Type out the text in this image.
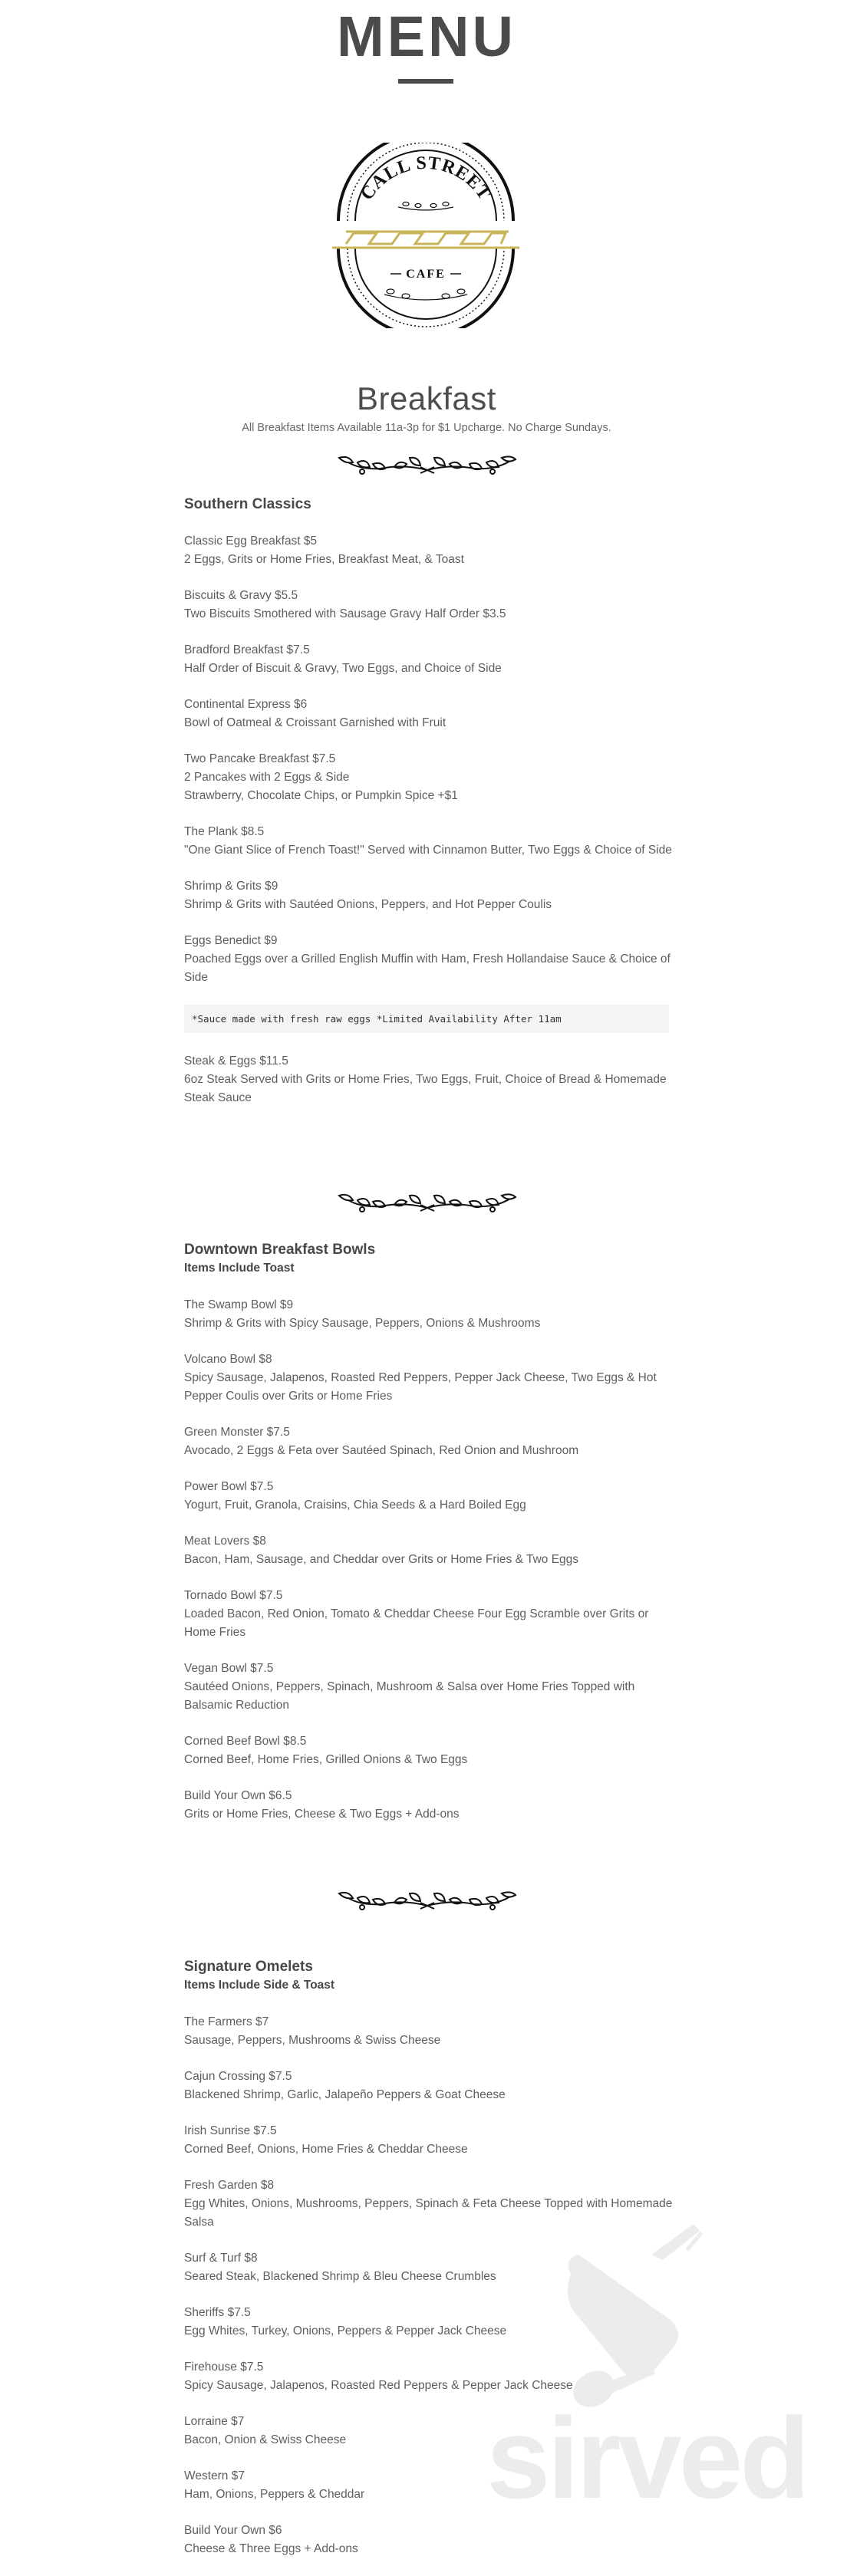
MENU
CALL STREET
CAFE
Breakfast
All Breakfast Items Available 11a-3p for $1 Upcharge. No Charge Sundays.
Southern Classics
Classic Egg Breakfast $5
2 Eggs, Grits or Home Fries, Breakfast Meat, & Toast
Biscuits & Gravy $5.5
Two Biscuits Smothered with Sausage Gravy Half Order $3.5
Bradford Breakfast $7.5
Half Order of Biscuit & Gravy, Two Eggs, and Choice of Side
Continental Express $6
Bowl of Oatmeal & Croissant Garnished with Fruit
Two Pancake Breakfast $7.5
2 Pancakes with 2 Eggs & Side
Strawberry, Chocolate Chips, or Pumpkin Spice +$1
The Plank $8.5
"One Giant Slice of French Toast!" Served with Cinnamon Butter, Two Eggs & Choice of Side
Shrimp & Grits $9
Shrimp & Grits with Sautéed Onions, Peppers, and Hot Pepper Coulis
Eggs Benedict $9
Poached Eggs over a Grilled English Muffin with Ham, Fresh Hollandaise Sauce & Choice of Side
*Sauce made with fresh raw eggs *Limited Availability After 11am
Steak & Eggs $11.5
6oz Steak Served with Grits or Home Fries, Two Eggs, Fruit, Choice of Bread & Homemade Steak Sauce
Downtown Breakfast Bowls
Items Include Toast
The Swamp Bowl $9
Shrimp & Grits with Spicy Sausage, Peppers, Onions & Mushrooms
Volcano Bowl $8
Spicy Sausage, Jalapenos, Roasted Red Peppers, Pepper Jack Cheese, Two Eggs & Hot Pepper Coulis over Grits or Home Fries
Green Monster $7.5
Avocado, 2 Eggs & Feta over Sautéed Spinach, Red Onion and Mushroom
Power Bowl $7.5
Yogurt, Fruit, Granola, Craisins, Chia Seeds & a Hard Boiled Egg
Meat Lovers $8
Bacon, Ham, Sausage, and Cheddar over Grits or Home Fries & Two Eggs
Tornado Bowl $7.5
Loaded Bacon, Red Onion, Tomato & Cheddar Cheese Four Egg Scramble over Grits or Home Fries
Vegan Bowl $7.5
Sautéed Onions, Peppers, Spinach, Mushroom & Salsa over Home Fries Topped with Balsamic Reduction
Corned Beef Bowl $8.5
Corned Beef, Home Fries, Grilled Onions & Two Eggs
Build Your Own $6.5
Grits or Home Fries, Cheese & Two Eggs + Add-ons
Signature Omelets
Items Include Side & Toast
The Farmers $7
Sausage, Peppers, Mushrooms & Swiss Cheese
Cajun Crossing $7.5
Blackened Shrimp, Garlic, Jalapeño Peppers & Goat Cheese
Irish Sunrise $7.5
Corned Beef, Onions, Home Fries & Cheddar Cheese
Fresh Garden $8
Egg Whites, Onions, Mushrooms, Peppers, Spinach & Feta Cheese Topped with Homemade Salsa
Surf & Turf $8
Seared Steak, Blackened Shrimp & Bleu Cheese Crumbles
Sheriffs $7.5
Egg Whites, Turkey, Onions, Peppers & Pepper Jack Cheese
Firehouse $7.5
Spicy Sausage, Jalapenos, Roasted Red Peppers & Pepper Jack Cheese
Lorraine $7
Bacon, Onion & Swiss Cheese
Western $7
Ham, Onions, Peppers & Cheddar
Build Your Own $6
Cheese & Three Eggs + Add-ons
sirved
